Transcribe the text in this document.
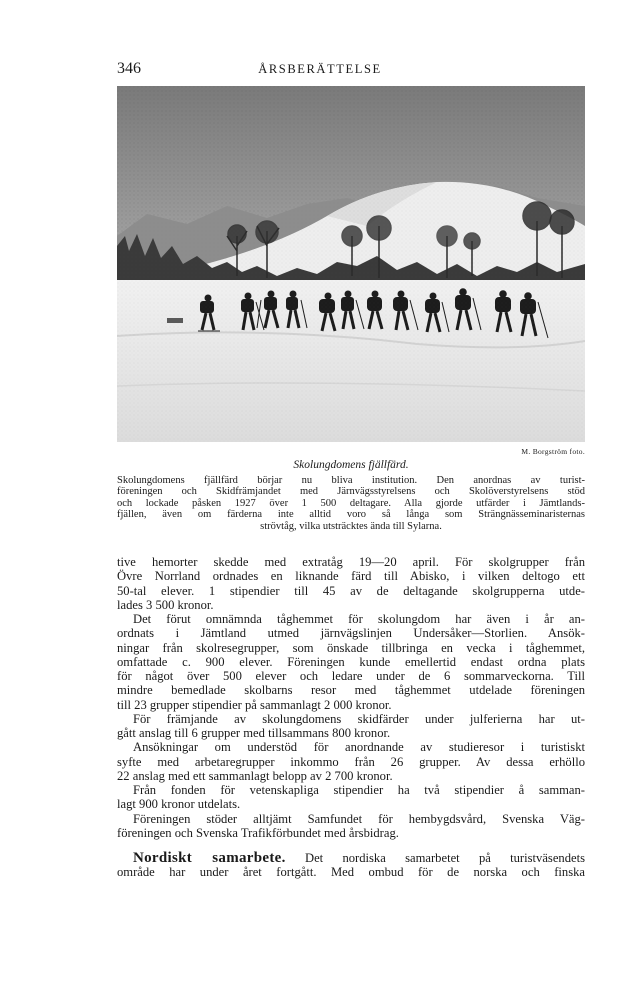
346	ÅRSBERÄTTELSE
M. Borgström foto.
Skolungdomens fjällfärd.
Skolungdomens fjällfärd börjar nu bliva institution. Den anordnas av turist-
föreningen och Skidfrämjandet med Järnvägsstyrelsens och Skolöverstyrelsens stöd
och lockade påsken 1927 över 1 500 deltagare. Alla gjorde utfärder i Jämtlands-
fjällen, även om färderna inte alltid voro så långa som Strängnässeminaristernas
strövtåg, vilka utsträcktes ända till Sylarna.
tive hemorter skedde med extratåg 19—20 april. För skolgrupper från
Övre Norrland ordnades en liknande färd till Abisko, i vilken deltogo ett
50-tal elever. 1 stipendier till 45 av de deltagande skolgrupperna utde-
lades 3 500 kronor.
Det förut omnämnda tåghemmet för skolungdom har även i år an-
ordnats i Jämtland utmed järnvägslinjen Undersåker—Storlien. Ansök-
ningar från skolresegrupper, som önskade tillbringa en vecka i tåghemmet,
omfattade c. 900 elever. Föreningen kunde emellertid endast ordna plats
för något över 500 elever och ledare under de 6 sommarveckorna. Till
mindre bemedlade skolbarns resor med tåghemmet utdelade föreningen
till 23 grupper stipendier på sammanlagt 2 000 kronor.
För främjande av skolungdomens skidfärder under julferierna har ut-
gått anslag till 6 grupper med tillsammans 800 kronor.
Ansökningar om understöd för anordnande av studieresor i turistiskt
syfte med arbetaregrupper inkommo från 26 grupper. Av dessa erhöllo
22 anslag med ett sammanlagt belopp av 2 700 kronor.
Från fonden för vetenskapliga stipendier ha två stipendier å samman-
lagt 900 kronor utdelats.
Föreningen stöder alltjämt Samfundet för hembygdsvård, Svenska Väg-
föreningen och Svenska Trafikförbundet med årsbidrag.
Nordiskt samarbete. Det nordiska samarbetet på turistväsendets
område har under året fortgått. Med ombud för de norska och finska
